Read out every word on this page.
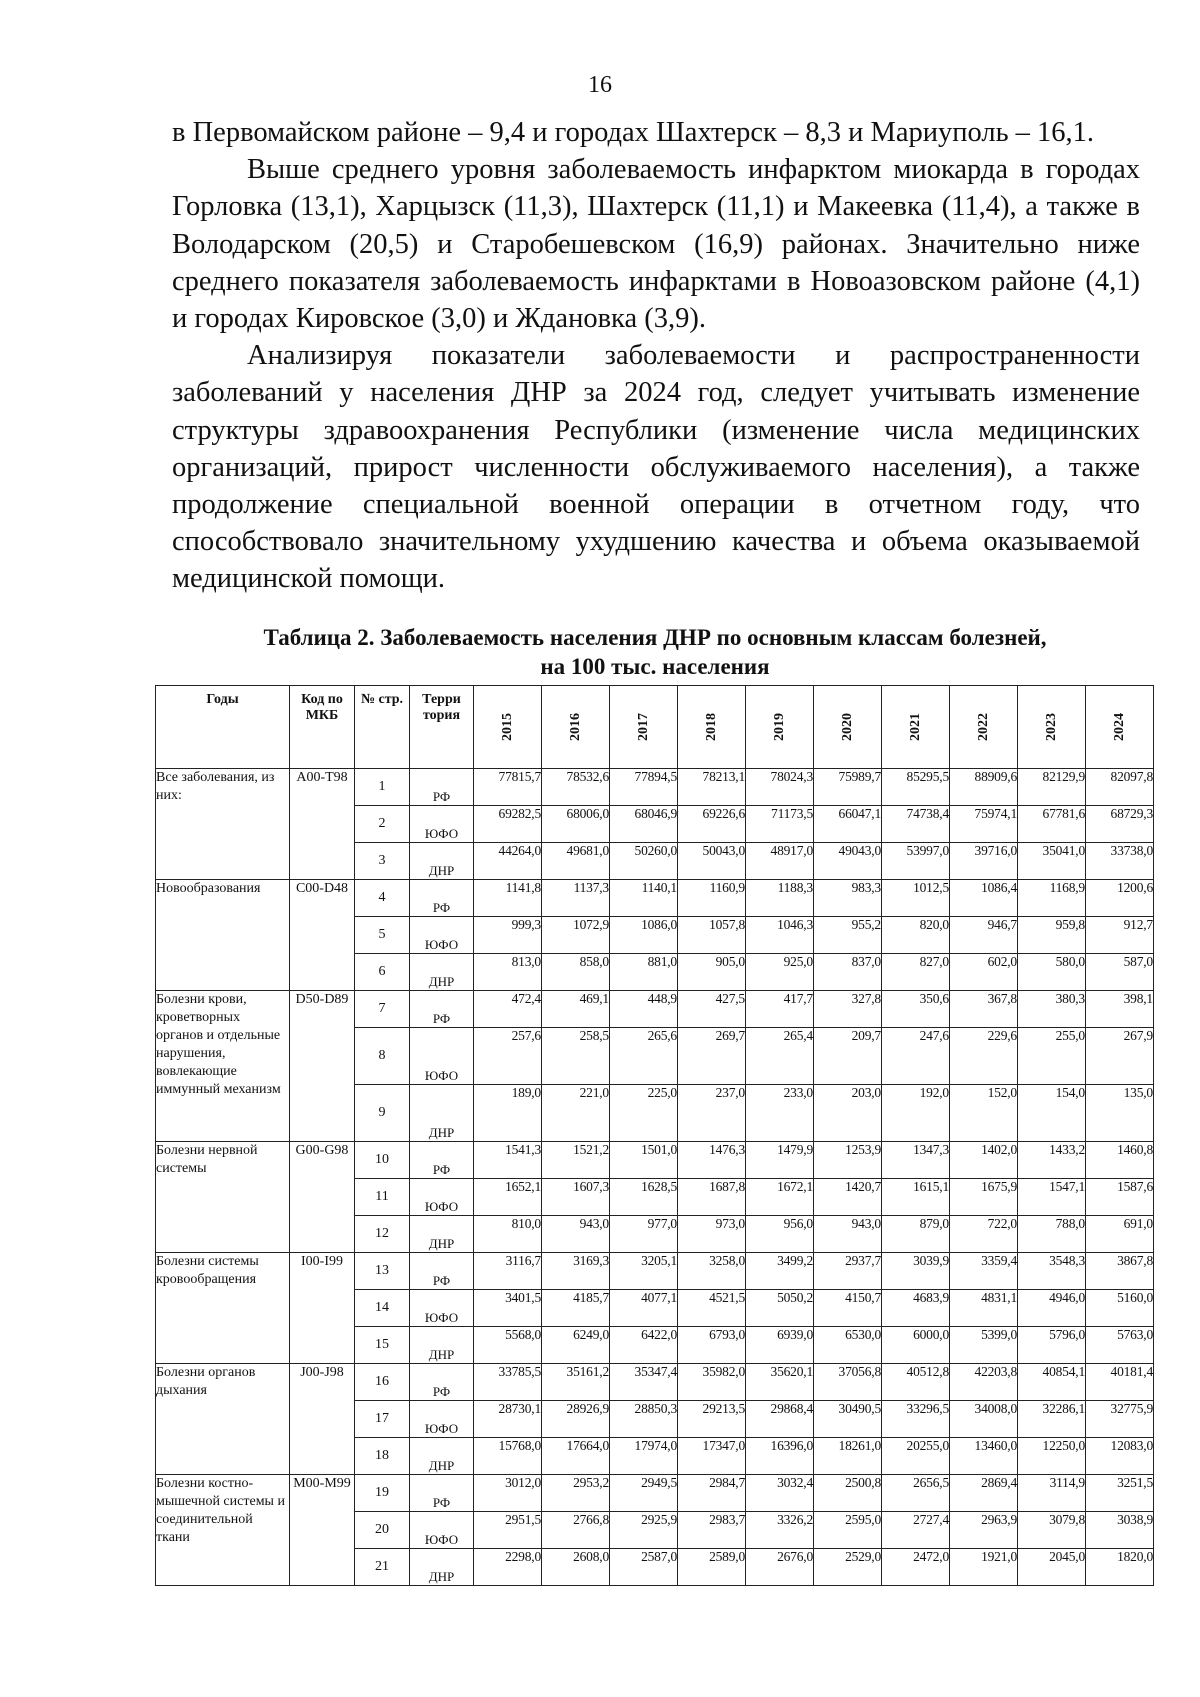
16

в Первомайском районе – 9,4 и городах Шахтерск – 8,3 и Мариуполь – 16,1.

Выше среднего уровня заболеваемость инфарктом миокарда в городах Горловка (13,1), Харцызск (11,3), Шахтерск (11,1) и Макеевка (11,4), а также в Володарском (20,5) и Старобешевском (16,9) районах. Значительно ниже среднего показателя заболеваемость инфарктами в Новоазовском районе (4,1) и городах Кировское (3,0) и Ждановка (3,9).

Анализируя показатели заболеваемости и распространенности заболеваний у населения ДНР за 2024 год, следует учитывать изменение структуры здравоохранения Республики (изменение числа медицинских организаций, прирост численности обслуживаемого населения), а также продолжение специальной военной операции в отчетном году, что способствовало значительному ухудшению качества и объема оказываемой медицинской помощи.

Таблица 2. Заболеваемость населения ДНР по основным классам болезней,
на 100 тыс. населения
Годы	Код по МКБ	№ стр.	Терри тория	2015	2016	2017	2018	2019	2020	2021	2022	2023	2024
Все заболевания, из них:	A00-T98	1	РФ	77815,7	78532,6	77894,5	78213,1	78024,3	75989,7	85295,5	88909,6	82129,9	82097,8
		2	ЮФО	69282,5	68006,0	68046,9	69226,6	71173,5	66047,1	74738,4	75974,1	67781,6	68729,3
		3	ДНР	44264,0	49681,0	50260,0	50043,0	48917,0	49043,0	53997,0	39716,0	35041,0	33738,0
Новообразования	C00-D48	4	РФ	1141,8	1137,3	1140,1	1160,9	1188,3	983,3	1012,5	1086,4	1168,9	1200,6
		5	ЮФО	999,3	1072,9	1086,0	1057,8	1046,3	955,2	820,0	946,7	959,8	912,7
		6	ДНР	813,0	858,0	881,0	905,0	925,0	837,0	827,0	602,0	580,0	587,0
Болезни крови, кроветворных органов и отдельные нарушения, вовлекающие иммунный механизм	D50-D89	7	РФ	472,4	469,1	448,9	427,5	417,7	327,8	350,6	367,8	380,3	398,1
		8	ЮФО	257,6	258,5	265,6	269,7	265,4	209,7	247,6	229,6	255,0	267,9
		9	ДНР	189,0	221,0	225,0	237,0	233,0	203,0	192,0	152,0	154,0	135,0
Болезни нервной системы	G00-G98	10	РФ	1541,3	1521,2	1501,0	1476,3	1479,9	1253,9	1347,3	1402,0	1433,2	1460,8
		11	ЮФО	1652,1	1607,3	1628,5	1687,8	1672,1	1420,7	1615,1	1675,9	1547,1	1587,6
		12	ДНР	810,0	943,0	977,0	973,0	956,0	943,0	879,0	722,0	788,0	691,0
Болезни системы кровообращения	I00-I99	13	РФ	3116,7	3169,3	3205,1	3258,0	3499,2	2937,7	3039,9	3359,4	3548,3	3867,8
		14	ЮФО	3401,5	4185,7	4077,1	4521,5	5050,2	4150,7	4683,9	4831,1	4946,0	5160,0
		15	ДНР	5568,0	6249,0	6422,0	6793,0	6939,0	6530,0	6000,0	5399,0	5796,0	5763,0
Болезни органов дыхания	J00-J98	16	РФ	33785,5	35161,2	35347,4	35982,0	35620,1	37056,8	40512,8	42203,8	40854,1	40181,4
		17	ЮФО	28730,1	28926,9	28850,3	29213,5	29868,4	30490,5	33296,5	34008,0	32286,1	32775,9
		18	ДНР	15768,0	17664,0	17974,0	17347,0	16396,0	18261,0	20255,0	13460,0	12250,0	12083,0
Болезни костно-мышечной системы и соединительной ткани	M00-M99	19	РФ	3012,0	2953,2	2949,5	2984,7	3032,4	2500,8	2656,5	2869,4	3114,9	3251,5
		20	ЮФО	2951,5	2766,8	2925,9	2983,7	3326,2	2595,0	2727,4	2963,9	3079,8	3038,9
		21	ДНР	2298,0	2608,0	2587,0	2589,0	2676,0	2529,0	2472,0	1921,0	2045,0	1820,0
